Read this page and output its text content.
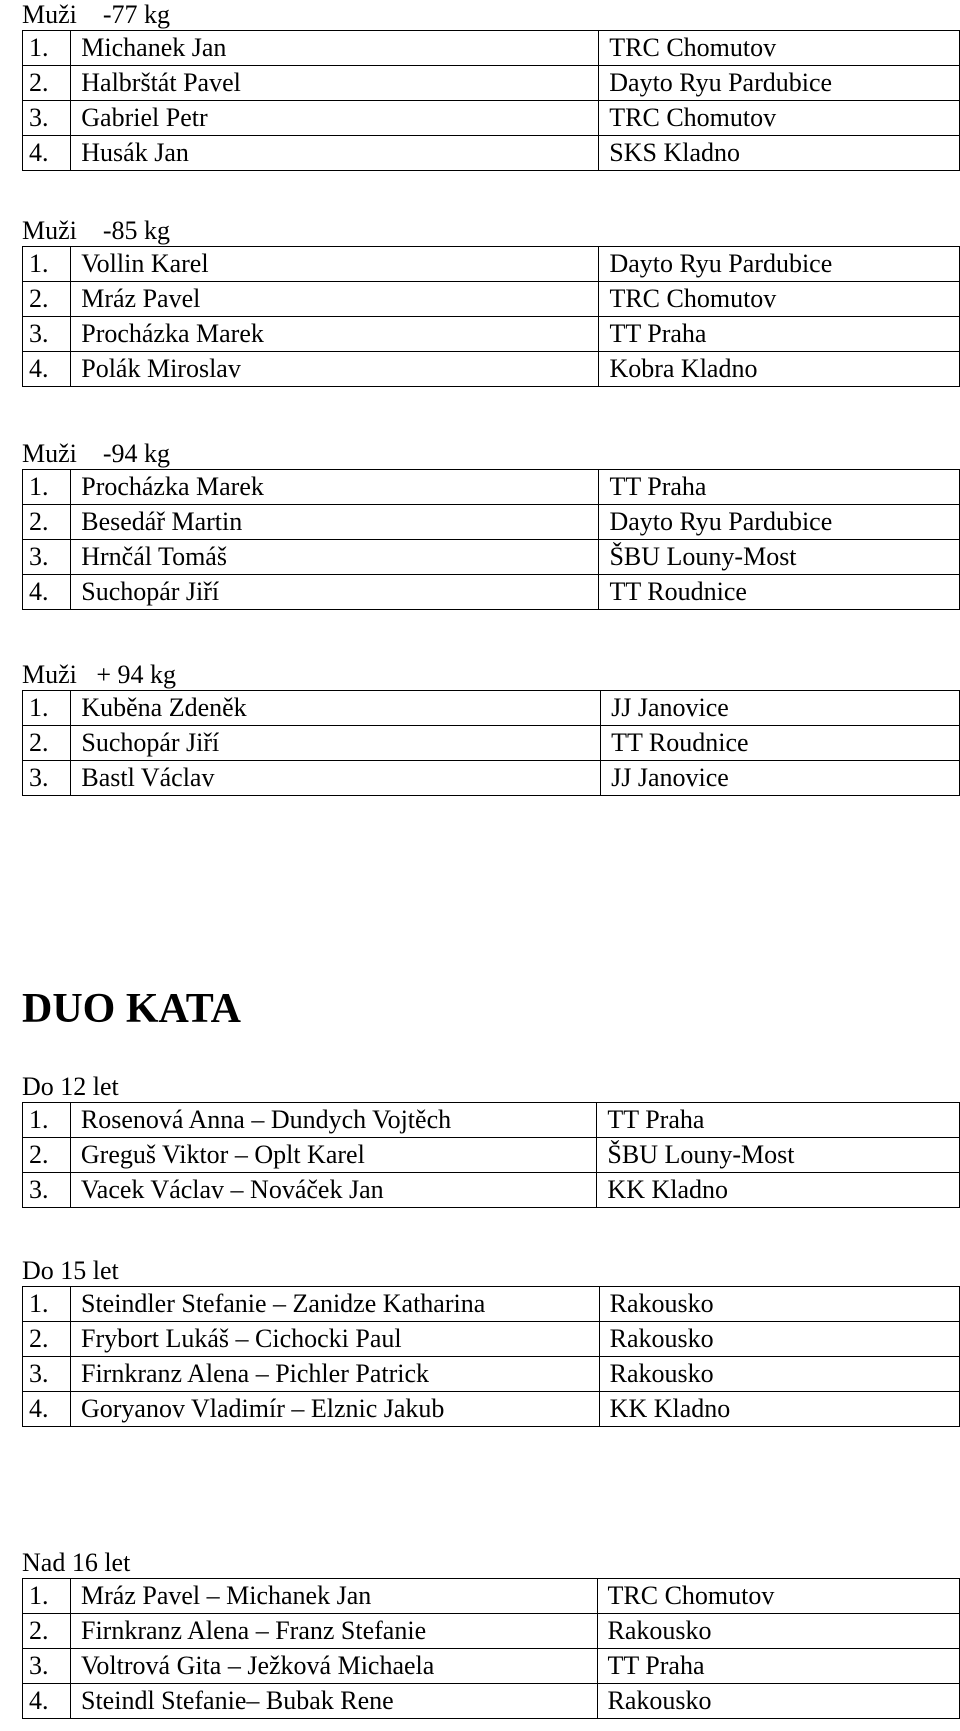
Muži    -77 kg
1.	Michanek Jan	TRC Chomutov
2.	Halbrštát Pavel	Dayto Ryu Pardubice
3.	Gabriel Petr	TRC Chomutov
4.	Husák Jan	SKS Kladno
Muži    -85 kg
1.	Vollin Karel	Dayto Ryu Pardubice
2.	Mráz Pavel	TRC Chomutov
3.	Procházka Marek	TT Praha
4.	Polák Miroslav	Kobra Kladno
Muži    -94 kg
1.	Procházka Marek	TT Praha
2.	Besedář Martin	Dayto Ryu Pardubice
3.	Hrnčál Tomáš	ŠBU Louny-Most
4.	Suchopár Jiří	TT Roudnice
Muži   + 94 kg
1.	Kuběna Zdeněk	JJ Janovice
2.	Suchopár Jiří	TT Roudnice
3.	Bastl Václav	JJ Janovice
DUO KATA
Do 12 let
1.	Rosenová Anna – Dundych Vojtěch	TT Praha
2.	Greguš Viktor – Oplt Karel	ŠBU Louny-Most
3.	Vacek Václav – Nováček Jan	KK Kladno
Do 15 let
1.	Steindler Stefanie – Zanidze Katharina	Rakousko
2.	Frybort Lukáš – Cichocki Paul	Rakousko
3.	Firnkranz Alena – Pichler Patrick	Rakousko
4.	Goryanov Vladimír – Elznic Jakub	KK Kladno
Nad 16 let
1.	Mráz Pavel – Michanek Jan	TRC Chomutov
2.	Firnkranz Alena – Franz Stefanie	Rakousko
3.	Voltrová Gita – Ježková Michaela	TT Praha
4.	Steindl Stefanie– Bubak Rene	Rakousko
